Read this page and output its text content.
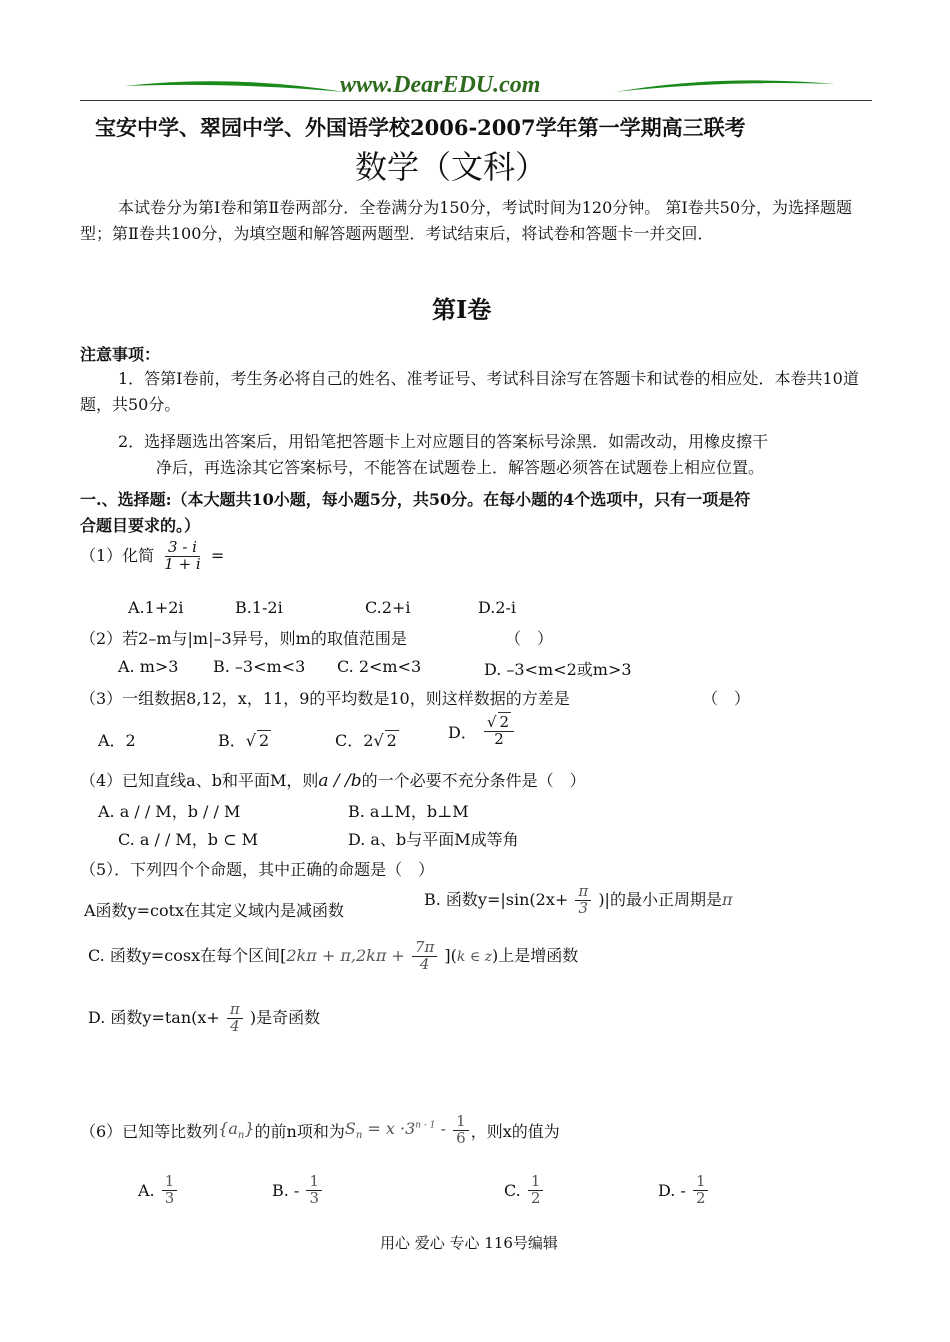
www.DearEDU.com
宝安中学、翠园中学、外国语学校2006-2007学年第一学期高三联考
数学（文科）

本试卷分为第Ⅰ卷和第Ⅱ卷两部分．全卷满分为150分，考试时间为120分钟。 第Ⅰ卷共50分，为选择题题型；第Ⅱ卷共100分，为填空题和解答题两题型．考试结束后，将试卷和答题卡一并交回．

第Ⅰ卷
注意事项：

1．答第Ⅰ卷前，考生务必将自己的姓名、准考证号、考试科目涂写在答题卡和试卷的相应处．本卷共10道题，共50分。

2．选择题选出答案后，用铅笔把答题卡上对应题目的答案标号涂黑．如需改动，用橡皮擦干
净后，再选涂其它答案标号，不能答在试题卷上．解答题必须答在试题卷上相应位置。
一.、选择题:（本大题共10小题，每小题5分，共50分。在每小题的4个选项中，只有一项是符
合题目要求的。）
（1）化简 $\frac{3 - i}{1 + i}$ =
A.1+2i	B.1-2i	C.2+i	D.2-i
（2）若2–m与|m|–3异号，则m的取值范围是	（　）
A. m>3 B. –3<m<3 C. 2<m<3	D. –3<m<2或m>3
（3）一组数据8,12，x，11，9的平均数是10，则这样数据的方差是	（　）
A．2	B．√ 2	C．2√ 2	D． $\frac{√ 2}{2}$
（4）已知直线a、b和平面M，则a / /b的一个必要不充分条件是（　）
A. a / / M，b / / M	B. a⊥M，b⊥M
C. a / / M，b ⊂ M	D. a、b与平面M成等角
（5）．下列四个个命题，其中正确的命题是（　）
A函数y=cotx在其定义域内是减函数
B. 函数$y=|\sin(2x+ \frac{\pi}{3}$ )|的最小正周期是π
C. 函数y=cosx在每个区间$[2k\pi + \pi,2k\pi + \frac{7\pi}{4} ](k$ ∈ z)上是增函数
D. 函数$y=\tan(x+ \frac{\pi}{4}$ )是奇函数
（6）已知等比数列$\{a_n\}$的前n项和为$S_n = x \cdot 3^{n - 1} - \frac{1}{6}$ ，则x的值为
A. $\frac{1}{3}$	B. - $\frac{1}{3}$	C. $\frac{1}{2}$	D. - $\frac{1}{2}$
用心 爱心 专心 116号编辑
